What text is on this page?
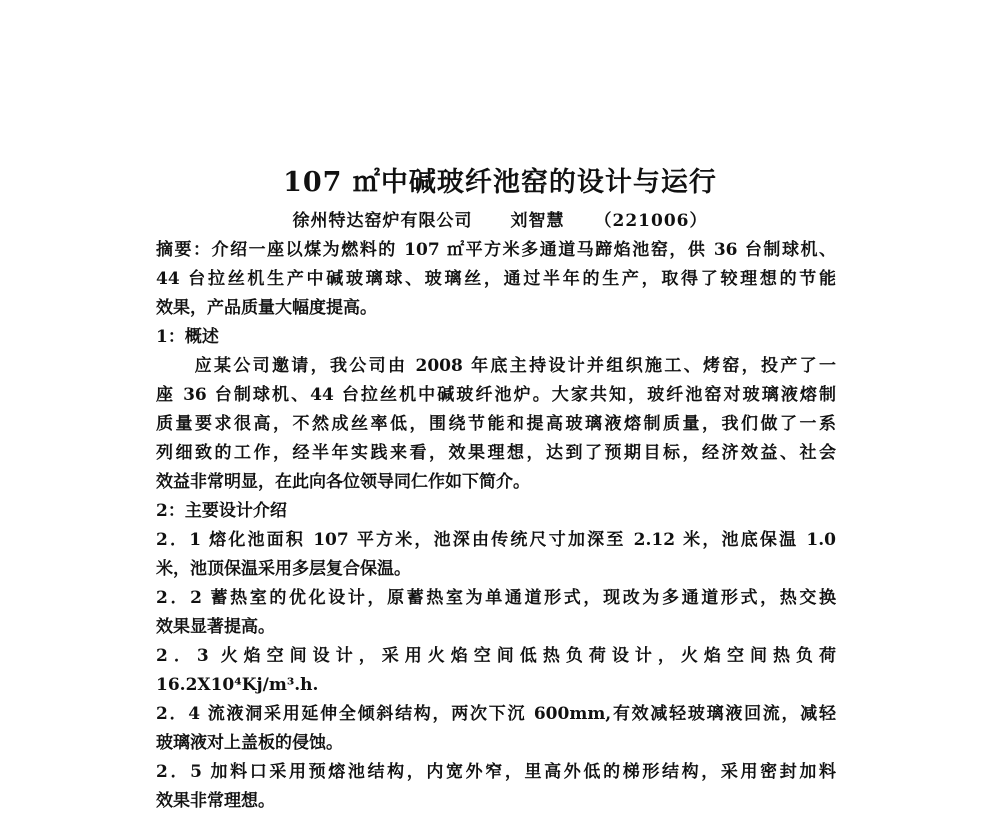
107 ㎡中碱玻纤池窑的设计与运行
徐州特达窑炉有限公司 刘智慧 （221006）
摘要：介绍一座以煤为燃料的 107 ㎡平方米多通道马蹄焰池窑，供 36 台制球机、
44 台拉丝机生产中碱玻璃球、玻璃丝，通过半年的生产，取得了较理想的节能
效果，产品质量大幅度提高。
1：概述
　　应某公司邀请，我公司由 2008 年底主持设计并组织施工、烤窑，投产了一
座 36 台制球机、44 台拉丝机中碱玻纤池炉。大家共知，玻纤池窑对玻璃液熔制
质量要求很高，不然成丝率低，围绕节能和提高玻璃液熔制质量，我们做了一系
列细致的工作，经半年实践来看，效果理想，达到了预期目标，经济效益、社会
效益非常明显，在此向各位领导同仁作如下简介。
2：主要设计介绍
2．1 熔化池面积 107 平方米，池深由传统尺寸加深至 2.12 米，池底保温 1.0
米，池顶保温采用多层复合保温。
2．2 蓄热室的优化设计，原蓄热室为单通道形式，现改为多通道形式，热交换
效果显著提高。
2．3 火焰空间设计，采用火焰空间低热负荷设计，火焰空间热负荷
16.2X10⁴Kj/m³.h.
2．4 流液洞采用延伸全倾斜结构，两次下沉 600mm,有效减轻玻璃液回流，减轻
玻璃液对上盖板的侵蚀。
2．5 加料口采用预熔池结构，内宽外窄，里高外低的梯形结构，采用密封加料
效果非常理想。
